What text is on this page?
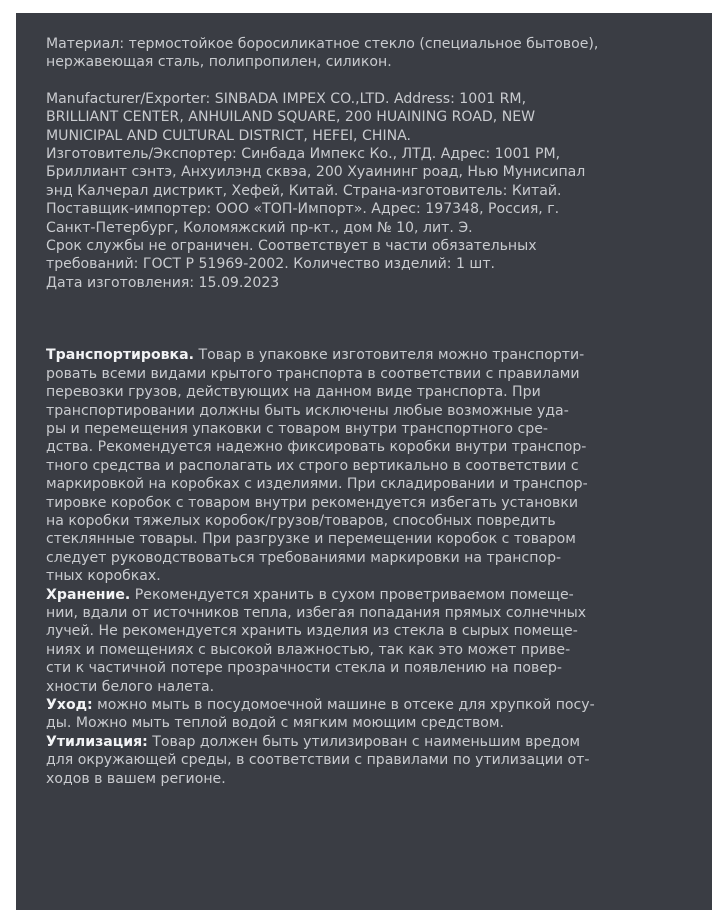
Материал: термостойкое боросиликатное стекло (специальное бытовое),
нержавеющая сталь, полипропилен, силикон.
Manufacturer/Exporter: SINBADA IMPEX CO.,LTD. Address: 1001 RM,
BRILLIANT CENTER, ANHUILAND SQUARE, 200 HUAINING ROAD, NEW
MUNICIPAL AND CULTURAL DISTRICT, HEFEI, CHINA.
Изготовитель/Экспортер: Синбада Импекс Ко., ЛТД. Адрес: 1001 РМ,
Бриллиант сэнтэ, Анхуилэнд сквэа, 200 Хуаининг роад, Нью Мунисипал
энд Калчерал дистрикт, Хефей, Китай. Страна-изготовитель: Китай.
Поставщик-импортер: ООО «ТОП-Импорт». Адрес: 197348, Россия, г.
Санкт-Петербург, Коломяжский пр-кт., дом № 10, лит. Э.
Срок службы не ограничен. Соответствует в части обязательных
требований: ГОСТ Р 51969-2002. Количество изделий: 1 шт.
Дата изготовления: 15.09.2023
Транспортировка. Товар в упаковке изготовителя можно транспорти-
ровать всеми видами крытого транспорта в соответствии с правилами
перевозки грузов, действующих на данном виде транспорта. При
транспортировании должны быть исключены любые возможные уда-
ры и перемещения упаковки с товаром внутри транспортного сре-
дства. Рекомендуется надежно фиксировать коробки внутри транспор-
тного средства и располагать их строго вертикально в соответствии с
маркировкой на коробках с изделиями. При складировании и транспор-
тировке коробок с товаром внутри рекомендуется избегать установки
на коробки тяжелых коробок/грузов/товаров, способных повредить
стеклянные товары. При разгрузке и перемещении коробок с товаром
следует руководствоваться требованиями маркировки на транспор-
тных коробках.
Хранение. Рекомендуется хранить в сухом проветриваемом помеще-
нии, вдали от источников тепла, избегая попадания прямых солнечных
лучей. Не рекомендуется хранить изделия из стекла в сырых помеще-
ниях и помещениях с высокой влажностью, так как это может приве-
сти к частичной потере прозрачности стекла и появлению на повер-
хности белого налета.
Уход: можно мыть в посудомоечной машине в отсеке для хрупкой посу-
ды. Можно мыть теплой водой с мягким моющим средством.
Утилизация: Товар должен быть утилизирован с наименьшим вредом
для окружающей среды, в соответствии с правилами по утилизации от-
ходов в вашем регионе.
